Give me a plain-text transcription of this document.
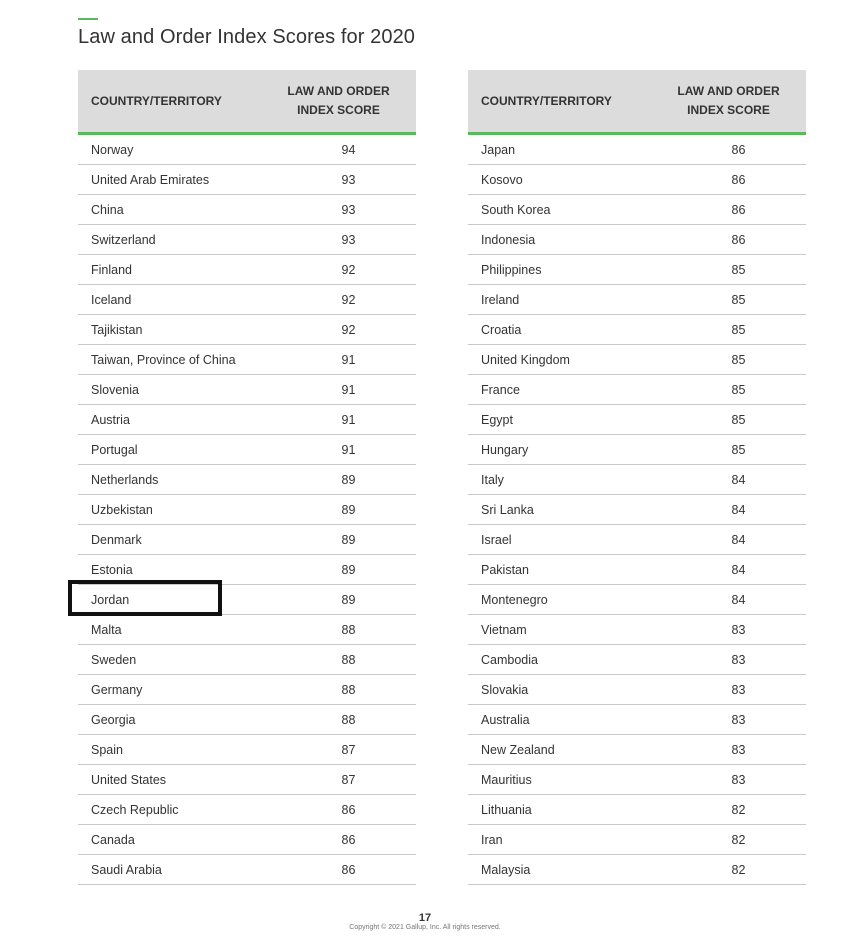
Law and Order Index Scores for 2020
COUNTRY/TERRITORY
LAW AND ORDER
INDEX SCORE
Norway	94
United Arab Emirates	93
China	93
Switzerland	93
Finland	92
Iceland	92
Tajikistan	92
Taiwan, Province of China	91
Slovenia	91
Austria	91
Portugal	91
Netherlands	89
Uzbekistan	89
Denmark	89
Estonia	89
Jordan	89
Malta	88
Sweden	88
Germany	88
Georgia	88
Spain	87
United States	87
Czech Republic	86
Canada	86
Saudi Arabia	86
COUNTRY/TERRITORY
LAW AND ORDER
INDEX SCORE
Japan	86
Kosovo	86
South Korea	86
Indonesia	86
Philippines	85
Ireland	85
Croatia	85
United Kingdom	85
France	85
Egypt	85
Hungary	85
Italy	84
Sri Lanka	84
Israel	84
Pakistan	84
Montenegro	84
Vietnam	83
Cambodia	83
Slovakia	83
Australia	83
New Zealand	83
Mauritius	83
Lithuania	82
Iran	82
Malaysia	82
17
Copyright © 2021 Gallup, Inc. All rights reserved.
